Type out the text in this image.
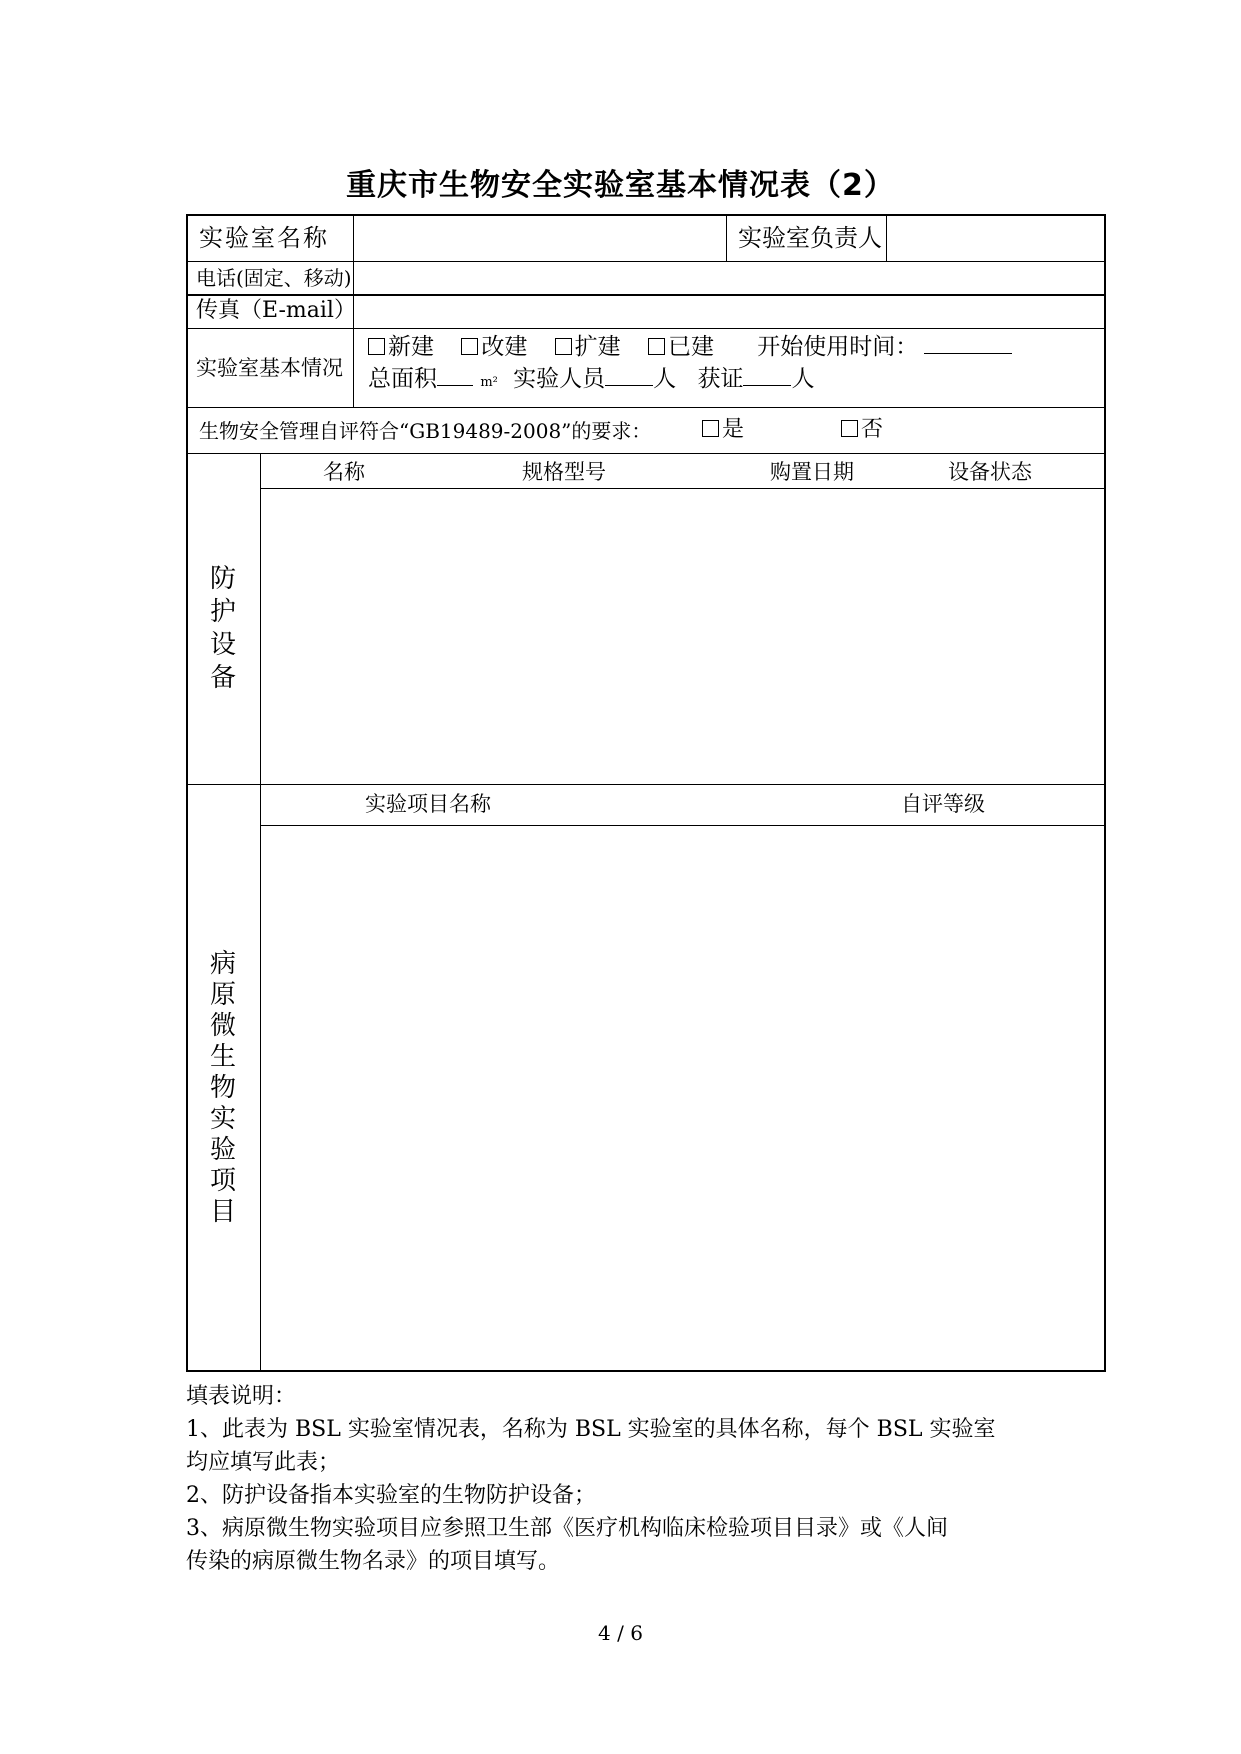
重庆市生物安全实验室基本情况表（2）
实验室名称	实验室负责人
电话(固定、移动)
传真（E-mail）
实验室基本情况
新建 改建 扩建 已建 开始使用时间：
总面积	m² 实验人员 人 获证 人
生物安全管理自评符合“GB19489-2008”的要求：	是	否
防
护
设
备
名称	规格型号	购置日期	设备状态
病
原
微
生
物
实
验
项
目
实验项目名称	自评等级
填表说明：
1、此表为 BSL 实验室情况表，名称为 BSL 实验室的具体名称，每个 BSL 实验室
均应填写此表；
2、防护设备指本实验室的生物防护设备；
3、病原微生物实验项目应参照卫生部《医疗机构临床检验项目目录》或《人间
传染的病原微生物名录》的项目填写。
4 / 6
